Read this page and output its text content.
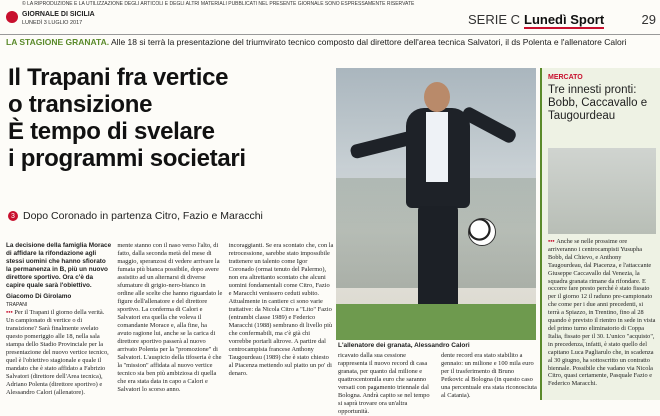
© LA RIPRODUZIONE E LA UTILIZZAZIONE DEGLI ARTICOLI E DEGLI ALTRI MATERIALI PUBBLICATI NEL PRESENTE GIORNALE SONO ESPRESSAMENTE RISERVATE
GIORNALE DI SICILIA
LUNEDÌ 3 LUGLIO 2017	SERIE C Lunedì Sport	29
LA STAGIONE GRANATA. Alle 18 si terrà la presentazione del triumvirato tecnico composto dal direttore dell'area tecnica Salvatori, il ds Polenta e l'allenatore Calori
Il Trapani fra vertice
o transizione
È tempo di svelare
i programmi societari
3 Dopo Coronado in partenza Citro, Fazio e Maracchi
L'allenatore dei granata, Alessandro Calori
La decisione della famiglia Morace di affidare la rifondazione agli stessi uomini che hanno sfiorato la permanenza in B, più un nuovo direttore sportivo. Ora c'è da capire quale sarà l'obiettivo.
Giacomo Di Girolamo
TRAPANI
••• Per il Trapani il giorno della verità. Un campionato di vertice o di transizione? Sarà finalmente svelato questo pomeriggio alle 18, nella sala stampa dello Stadio Provinciale per la presentazione del nuovo vertice tecnico, quel è l'obiettivo stagionale e quale il mandato che è stato affidato a Fabrizio Salvatori (direttore dell'Area tecnica), Adriano Polenta (direttore sportivo) e Alessandro Calori (allenatore).
mente stanno con il naso verso l'alto, di fatto, dalla seconda metà del mese di maggio, speranzosi di vedere arrivare la fumata più bianca possibile, dopo avere assistito ad un alternarsi di diverse sfumature di grigio-nero-bianco in ordine alle scelte che hanno riguardato le figure dell'allenatore e del direttore sportivo. La conferma di Calori e Salvatori era quella che voleva il comandante Morace e, alla fine, ha avuto ragione lui, anche se la carica di direttore sportivo passerà al nuovo arrivato Polenta per la "promozione" di Salvatori. L'auspicio della tifoseria è che la "mission" affidata al nuovo vertice tecnico sia ben più ambiziosa di quella che era stata data in capo a Calori e Salvatori lo scorso anno.
incoraggianti. Se era scontato che, con la retrocessione, sarebbe stato impossibile trattenere un talento come Igor Coronado (ormai tenuto del Palermo), non era altrettanto scontato che alcuni uomini fondamentali come Citro, Fazio e Maracchi venissero ceduti subito. Attualmente in cantiere ci sono varie trattative: da Nicola Citro a "Lito" Fazio (entrambi classe 1989) e Federico Maracchi (1988) sembrano di livello più che confermabili, ma c'è già chi vorrebbe portarli altrove. A partire dal centrocampista francese Anthony Taugourdeau (1989) che è stato chiesto al Piacenza mettendo sul piatto un po' di denaro.
ricavato dalla sua cessione rappresenta il nuovo record di casa granata, per quanto dal milione e quattrocentomila euro che saranno versati con pagamento triennale dal Bologna. Andrà capito se nel tempo si saprà trovare ora un'altra opportunità.
dente record era stato stabilito a gennaio: un milione e 100 mila euro per il trasferimento di Bruno Petkovic al Bologna (in questo caso una percentuale era stata riconosciuta al Catania).
MERCATO
Tre innesti pronti: Bobb, Caccavallo e Taugourdeau
••• Anche se nelle prossime ore arriveranno i centrocampisti Yusupha Bobb, dal Chievo, e Anthony Taugourdeau, dal Piacenza, e l'attaccante Giuseppe Caccavallo dal Venezia, la squadra granata rimane da rifondare. E occorre fare presto perché è stato fissato per il giorno 12 il raduno pre-campionato che come per i due anni precedenti, si terrà a Spiazzo, in Trentino, fino al 28 quando è previsto il rientro in sede in vista del primo turno eliminatorio di Coppa Italia, fissato per il 30. L'unico "acquisto", in precedenza, infatti, è stato quello del capitano Luca Pagliarulo che, in scadenza al 30 giugno, ha sottoscritto un contratto biennale. Possibile che vadano via Nicola Citro, quasi certamente, Pasquale Fazio e Federico Maracchi.
